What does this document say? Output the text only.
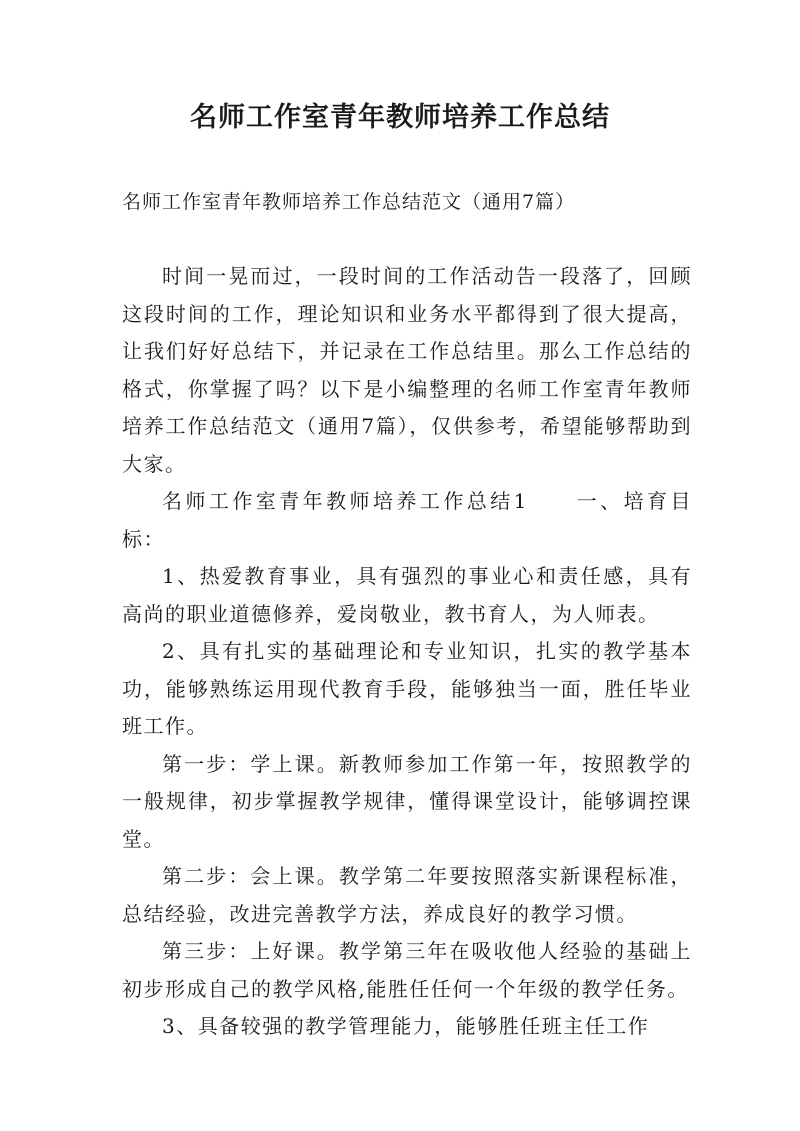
名师工作室青年教师培养工作总结

名师工作室青年教师培养工作总结范文（通用7篇）

时间一晃而过，一段时间的工作活动告一段落了，回顾这段时间的工作，理论知识和业务水平都得到了很大提高，让我们好好总结下，并记录在工作总结里。那么工作总结的格式，你掌握了吗？以下是小编整理的名师工作室青年教师培养工作总结范文（通用7篇），仅供参考，希望能够帮助到大家。

名师工作室青年教师培养工作总结1　　一、培育目标：

1、热爱教育事业，具有强烈的事业心和责任感，具有高尚的职业道德修养，爱岗敬业，教书育人，为人师表。

2、具有扎实的基础理论和专业知识，扎实的教学基本功，能够熟练运用现代教育手段，能够独当一面，胜任毕业班工作。

第一步：学上课。新教师参加工作第一年，按照教学的一般规律，初步掌握教学规律，懂得课堂设计，能够调控课堂。

第二步：会上课。教学第二年要按照落实新课程标准，总结经验，改进完善教学方法，养成良好的教学习惯。

第三步：上好课。教学第三年在吸收他人经验的基础上初步形成自己的教学风格,能胜任任何一个年级的教学任务。

3、具备较强的教学管理能力，能够胜任班主任工作
